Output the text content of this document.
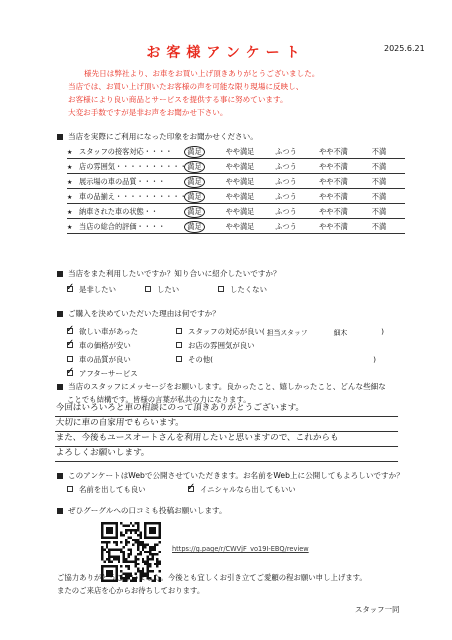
2025.6.21
お客様アンケート
様先日は弊社より、お車をお買い上げ頂きありがとうございました。
当店では、お買い上げ頂いたお客様の声を可能な限り現場に反映し、
お客様により良い商品とサービスを提供する事に努めています。
大変お手数ですが是非お声をお聞かせ下さい。
当店を実際にご利用になった印象をお聞かせください。
★ スタッフの接客対応・・・・	満足	やや満足	ふつう	やや不満	不満
★ 店の雰囲気・・・・・・・・・・ 満足	やや満足	ふつう	やや不満	不満
★ 展示場の車の品質・・・・	満足	やや満足	ふつう	やや不満	不満
★ 車の品揃え・・・・・・・・・・ 満足	やや満足	ふつう	やや不満	不満
★ 納車された車の状態・・	満足	やや満足	ふつう	やや不満	不満
★ 当店の総合的評価・・・・	満足	やや満足	ふつう	やや不満	不満
当店をまた利用したいですか？知り合いに紹介したいですか？
✓ 是非したい	したい	したくない
ご購入を決めていただいた理由は何ですか？
✓ 欲しい車があった
✓ 車の価格が安い
車の品質が良い
✓ アフターサービス
スタッフの対応が良い( 担当スタッフ	細木	)
お店の雰囲気が良い
その他(	)
当店のスタッフにメッセージをお願いします。良かったこと、嬉しかったこと、どんな些細な
ことでも結構です。皆様の言葉が私共の力になります。
今回はいろいろと車の相談にのって頂きありがとうございます。
大切に車の自家用でもらいます。
また、今後もユースオートさんを利用したいと思いますので、これからも
よろしくお願いします。
このアンケートはWebで公開させていただきます。お名前をWeb上に公開してもよろしいですか？
名前を出しても良い	✓ イニシャルなら出してもいい
ぜひグーグルへの口コミも投稿お願いします。
https://g.page/r/CWVjF_vo19I-EBQ/review
ご協力ありがとうございました。今後とも宜しくお引き立てご愛顧の程お願い申し上げます。
またのご来店を心からお待ちしております。
スタッフ一同
